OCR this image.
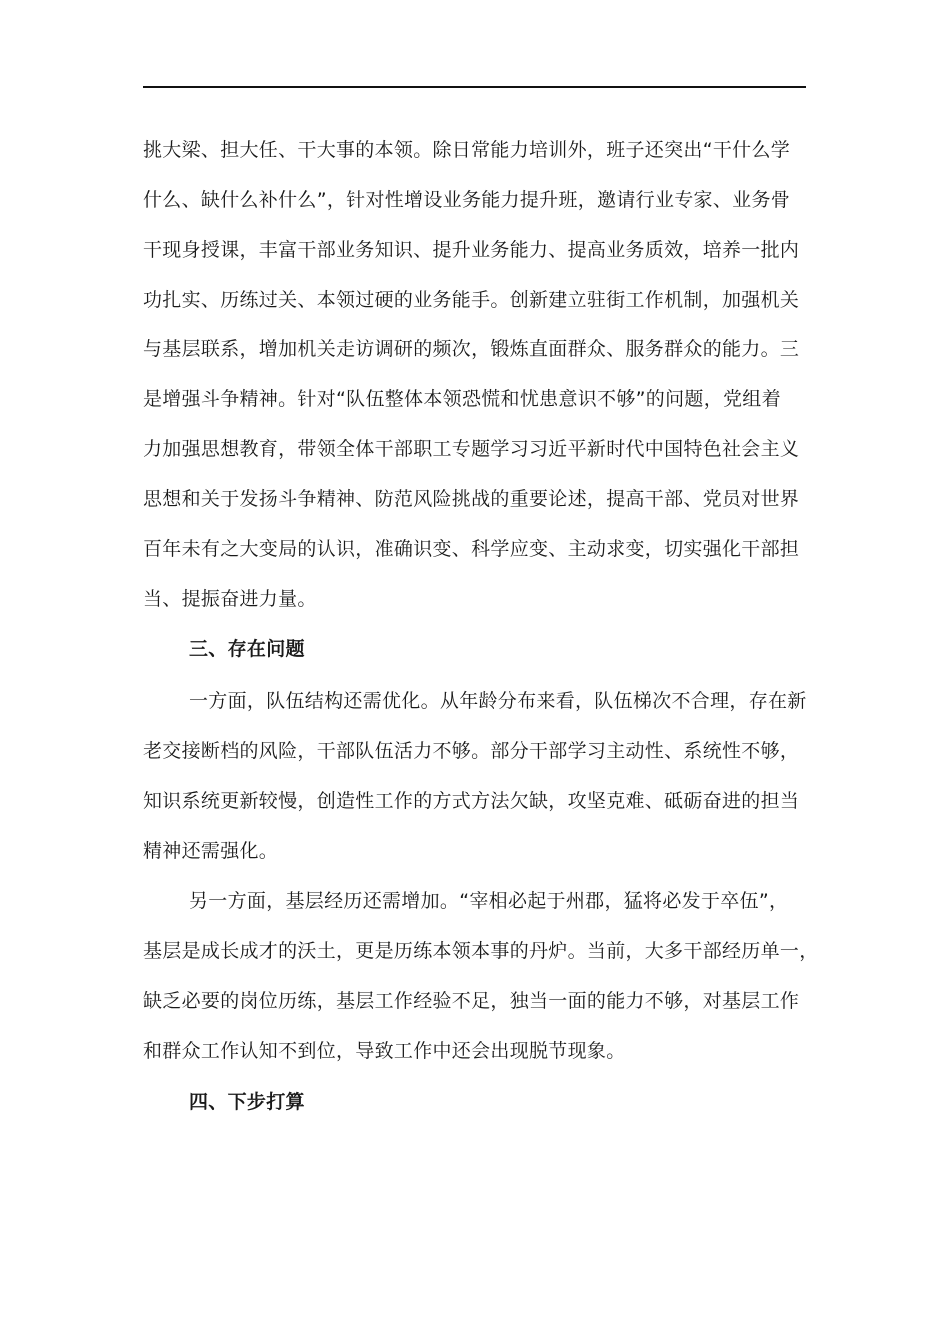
挑大梁、担大任、干大事的本领。除日常能力培训外，班子还突出“干什么学
什么、缺什么补什么”，针对性增设业务能力提升班，邀请行业专家、业务骨
干现身授课，丰富干部业务知识、提升业务能力、提高业务质效，培养一批内
功扎实、历练过关、本领过硬的业务能手。创新建立驻街工作机制，加强机关
与基层联系，增加机关走访调研的频次，锻炼直面群众、服务群众的能力。三
是增强斗争精神。针对“队伍整体本领恐慌和忧患意识不够”的问题，党组着
力加强思想教育，带领全体干部职工专题学习习近平新时代中国特色社会主义
思想和关于发扬斗争精神、防范风险挑战的重要论述，提高干部、党员对世界
百年未有之大变局的认识，准确识变、科学应变、主动求变，切实强化干部担
当、提振奋进力量。
三、存在问题
一方面，队伍结构还需优化。从年龄分布来看，队伍梯次不合理，存在新
老交接断档的风险，干部队伍活力不够。部分干部学习主动性、系统性不够，
知识系统更新较慢，创造性工作的方式方法欠缺，攻坚克难、砥砺奋进的担当
精神还需强化。
另一方面，基层经历还需增加。“宰相必起于州郡，猛将必发于卒伍”，
基层是成长成才的沃土，更是历练本领本事的丹炉。当前，大多干部经历单一，
缺乏必要的岗位历练，基层工作经验不足，独当一面的能力不够，对基层工作
和群众工作认知不到位，导致工作中还会出现脱节现象。
四、下步打算
